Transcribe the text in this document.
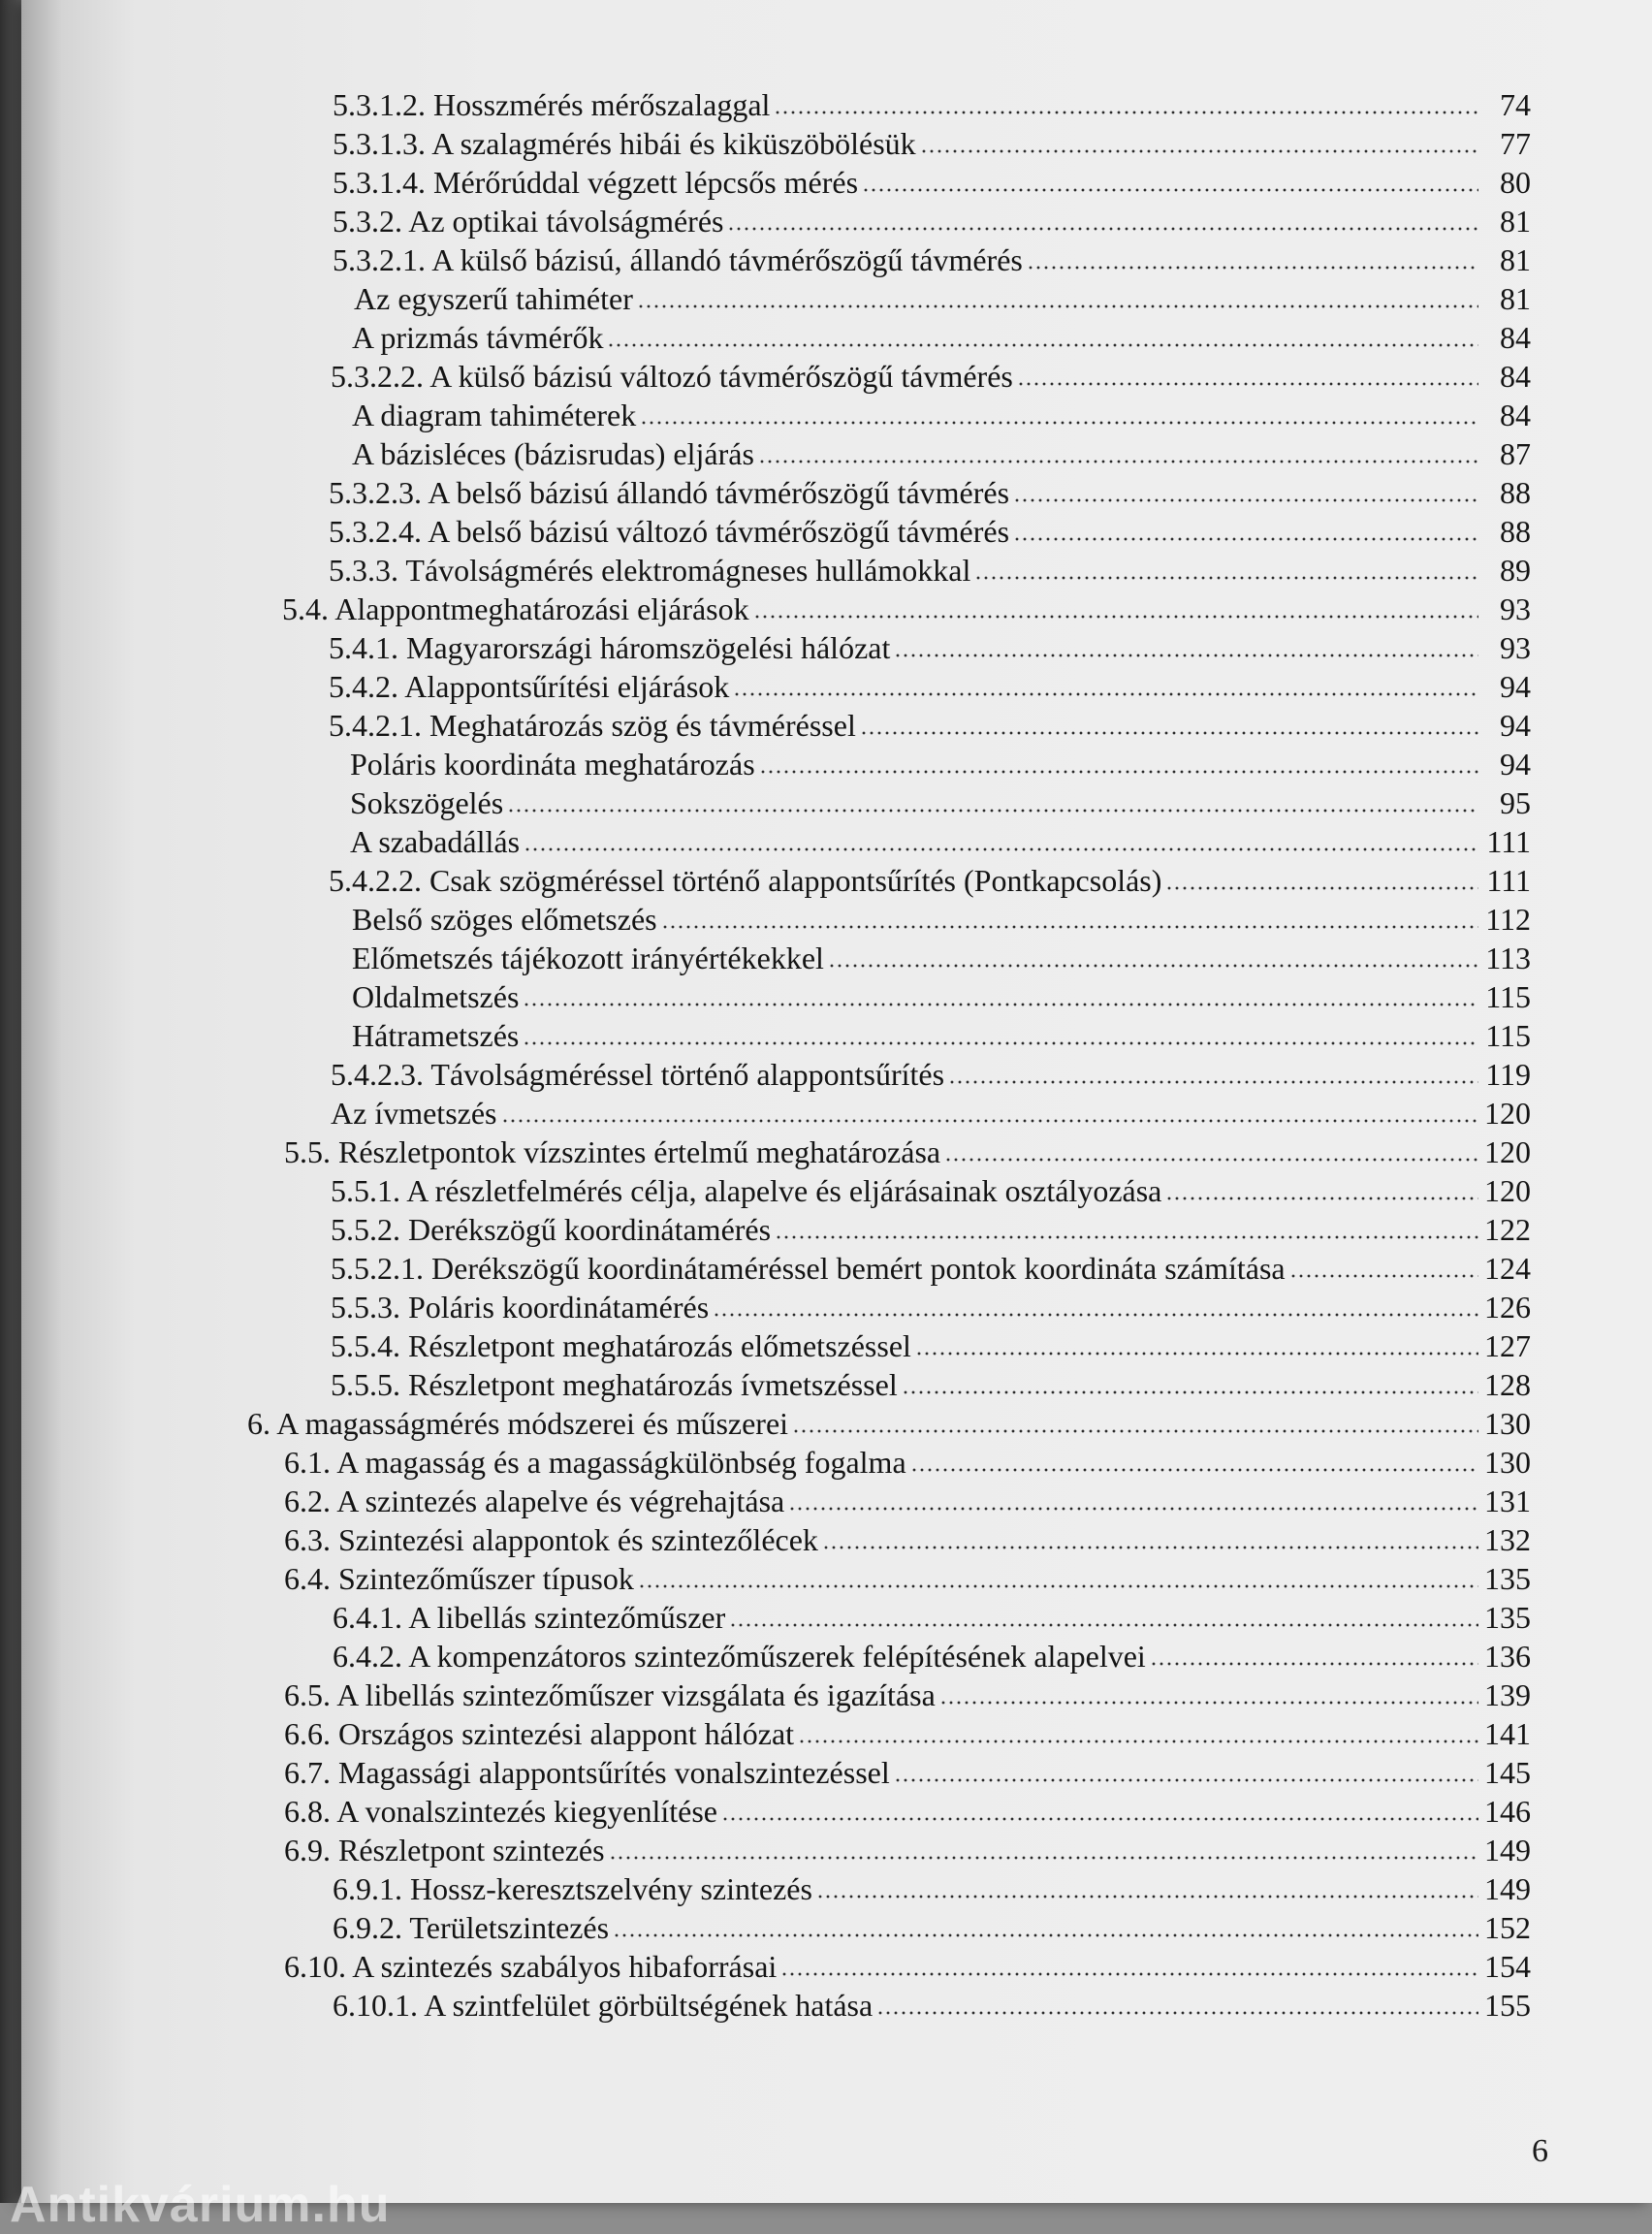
5.3.1.2. Hosszmérés mérőszalaggal	74
5.3.1.3. A szalagmérés hibái és kiküszöbölésük	77
5.3.1.4. Mérőrúddal végzett lépcsős mérés	80
5.3.2. Az optikai távolságmérés	81
5.3.2.1. A külső bázisú, állandó távmérőszögű távmérés	81
Az egyszerű tahiméter	81
A prizmás távmérők	84
5.3.2.2. A külső bázisú változó távmérőszögű távmérés	84
A diagram tahiméterek	84
A bázisléces (bázisrudas) eljárás	87
5.3.2.3. A belső bázisú állandó távmérőszögű távmérés	88
5.3.2.4. A belső bázisú változó távmérőszögű távmérés	88
5.3.3. Távolságmérés elektromágneses hullámokkal	89
5.4. Alappontmeghatározási eljárások	93
5.4.1. Magyarországi háromszögelési hálózat	93
5.4.2. Alappontsűrítési eljárások	94
5.4.2.1. Meghatározás szög és távméréssel	94
Poláris koordináta meghatározás	94
Sokszögelés	95
A szabadállás	111
5.4.2.2. Csak szögméréssel történő alappontsűrítés (Pontkapcsolás)	111
Belső szöges előmetszés	112
Előmetszés tájékozott irányértékekkel	113
Oldalmetszés	115
Hátrametszés	115
5.4.2.3. Távolságméréssel történő alappontsűrítés	119
Az ívmetszés	120
5.5. Részletpontok vízszintes értelmű meghatározása	120
5.5.1. A részletfelmérés célja, alapelve és eljárásainak osztályozása	120
5.5.2. Derékszögű koordinátamérés	122
5.5.2.1. Derékszögű koordinátaméréssel bemért pontok koordináta számítása	124
5.5.3. Poláris koordinátamérés	126
5.5.4. Részletpont meghatározás előmetszéssel	127
5.5.5. Részletpont meghatározás ívmetszéssel	128
6. A magasságmérés módszerei és műszerei	130
6.1. A magasság és a magasságkülönbség fogalma	130
6.2. A szintezés alapelve és végrehajtása	131
6.3. Szintezési alappontok és szintezőlécek	132
6.4. Szintezőműszer típusok	135
6.4.1. A libellás szintezőműszer	135
6.4.2. A kompenzátoros szintezőműszerek felépítésének alapelvei	136
6.5. A libellás szintezőműszer vizsgálata és igazítása	139
6.6. Országos szintezési alappont hálózat	141
6.7. Magassági alappontsűrítés vonalszintezéssel	145
6.8. A vonalszintezés kiegyenlítése	146
6.9. Részletpont szintezés	149
6.9.1. Hossz-keresztszelvény szintezés	149
6.9.2. Területszintezés	152
6.10. A szintezés szabályos hibaforrásai	154
6.10.1. A szintfelület görbültségének hatása	155
6
Antikvárium.hu
